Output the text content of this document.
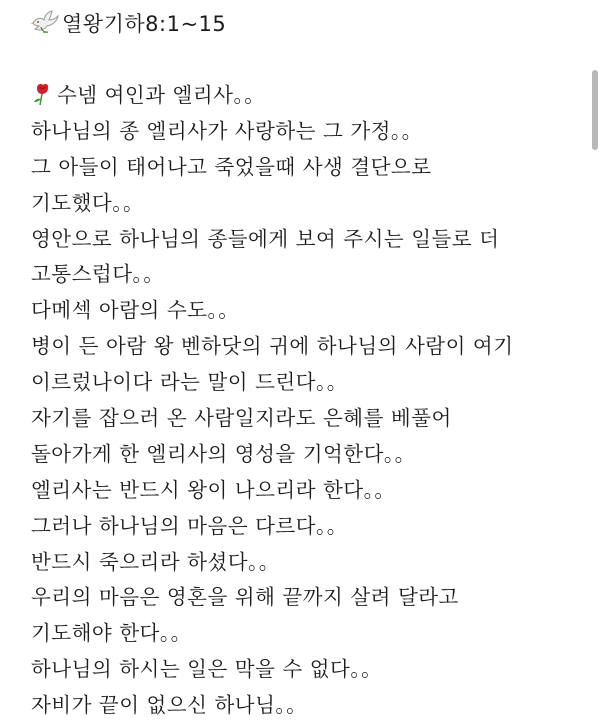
열왕기하8:1~15
수넴 여인과 엘리사。。
하나님의 종 엘리사가 사랑하는 그 가정。。
그 아들이 태어나고 죽었을때 사생 결단으로
기도했다。。
영안으로 하나님의 종들에게 보여 주시는 일들로 더
고통스럽다。。
다메섹 아람의 수도。。
병이 든 아람 왕 벤하닷의 귀에 하나님의 사람이 여기
이르렀나이다 라는 말이 드린다。。
자기를 잡으러 온 사람일지라도 은혜를 베풀어
돌아가게 한 엘리사의 영성을 기억한다。。
엘리사는 반드시 왕이 나으리라 한다。。
그러나 하나님의 마음은 다르다。。
반드시 죽으리라 하셨다。。
우리의 마음은 영혼을 위해 끝까지 살려 달라고
기도해야 한다。。
하나님의 하시는 일은 막을 수 없다。。
자비가 끝이 없으신 하나님。。
